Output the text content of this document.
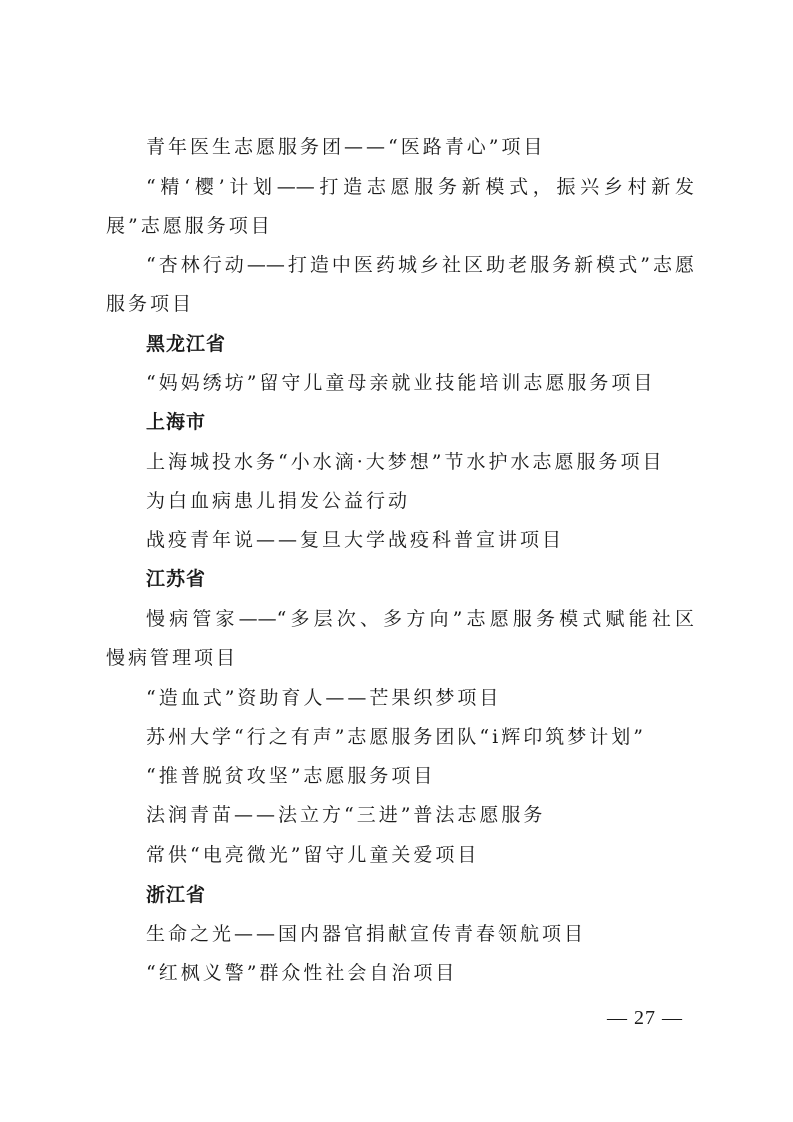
青年医生志愿服务团——“医路青心”项目
“精‘樱’计划——打造志愿服务新模式，振兴乡村新发
展”志愿服务项目
“杏林行动——打造中医药城乡社区助老服务新模式”志愿
服务项目
黑龙江省
“妈妈绣坊”留守儿童母亲就业技能培训志愿服务项目
上海市
上海城投水务“小水滴·大梦想”节水护水志愿服务项目
为白血病患儿捐发公益行动
战疫青年说——复旦大学战疫科普宣讲项目
江苏省
慢病管家——“多层次、多方向”志愿服务模式赋能社区
慢病管理项目
“造血式”资助育人——芒果织梦项目
苏州大学“行之有声”志愿服务团队“i辉印筑梦计划”
“推普脱贫攻坚”志愿服务项目
法润青苗——法立方“三进”普法志愿服务
常供“电亮微光”留守儿童关爱项目
浙江省
生命之光——国内器官捐献宣传青春领航项目
“红枫义警”群众性社会自治项目
— 27 —
